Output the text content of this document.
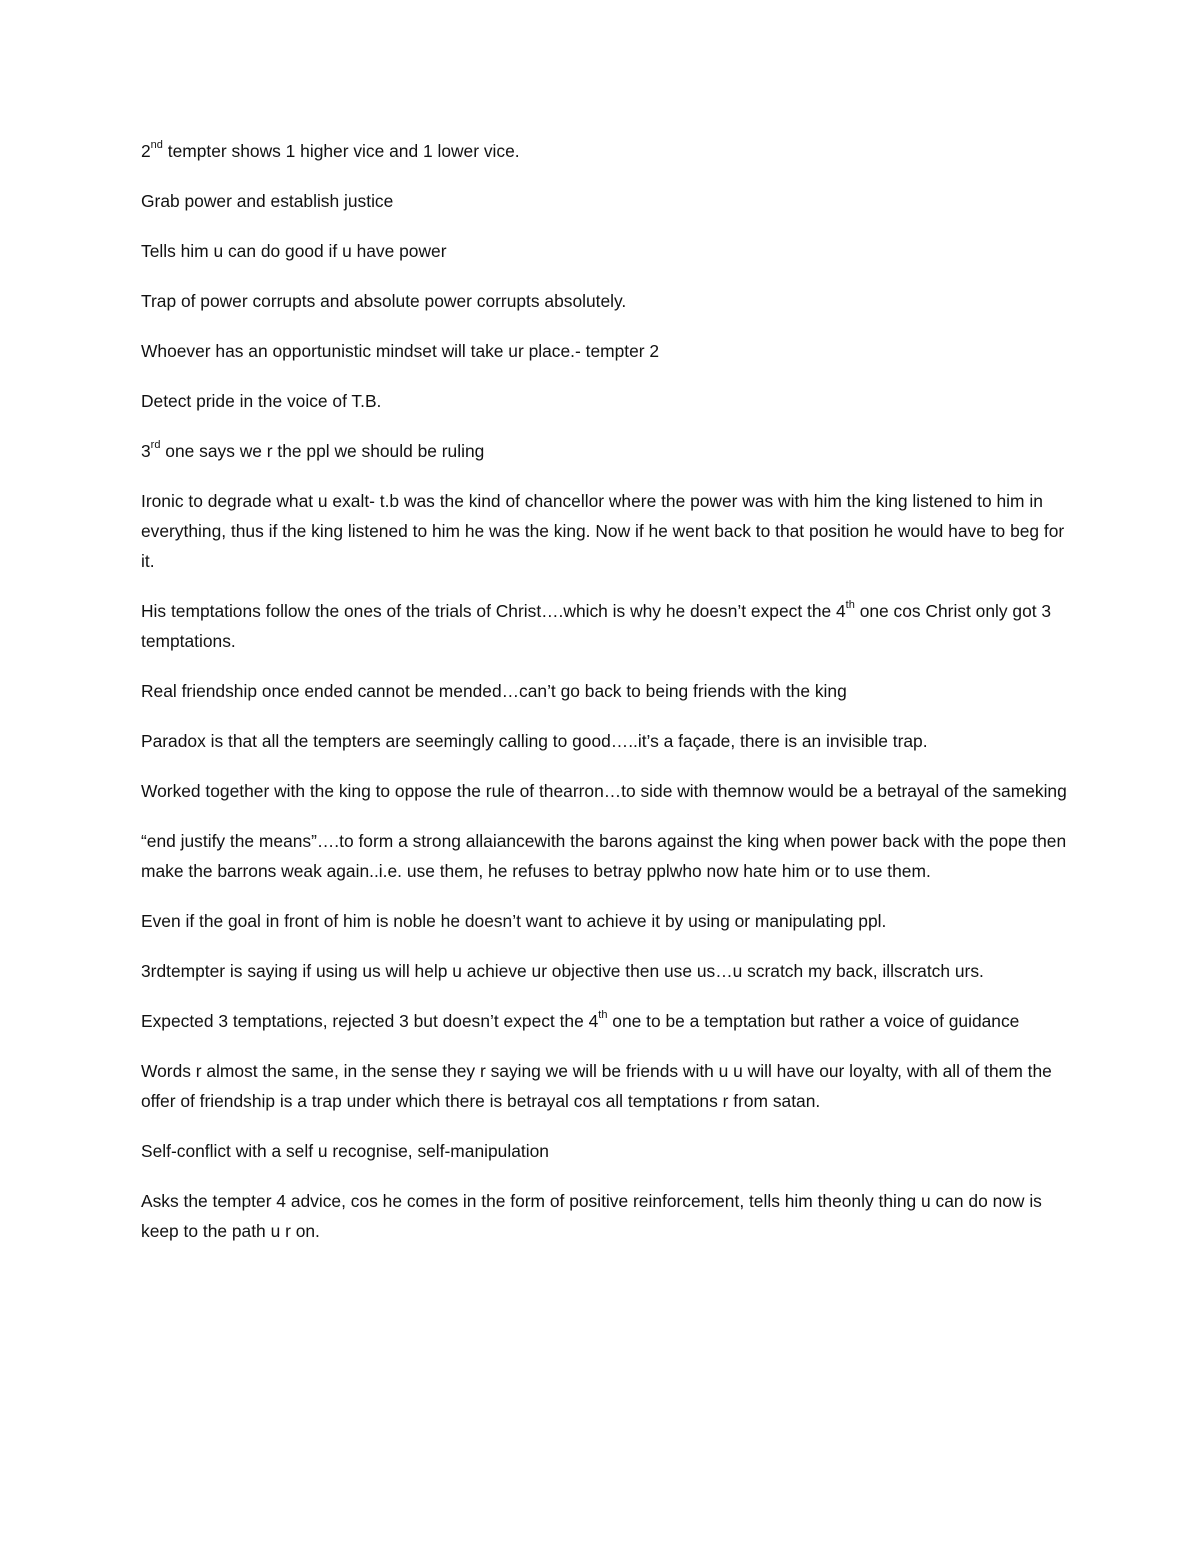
2nd tempter shows 1 higher vice and 1 lower vice.

Grab power and establish justice

Tells him u can do good if u have power

Trap of power corrupts and absolute power corrupts absolutely.

Whoever has an opportunistic mindset will take ur place.- tempter 2

Detect pride in the voice of T.B.

3rd one says we r the ppl we should be ruling

Ironic to degrade what u exalt- t.b was the kind of chancellor where the power was with him the king listened to him in everything, thus if the king listened to him he was the king. Now if he went back to that position he would have to beg for it.

His temptations follow the ones of the trials of Christ….which is why he doesn’t expect the 4th one cos Christ only got 3 temptations.

Real friendship once ended cannot be mended…can’t go back to being friends with the king

Paradox is that all the tempters are seemingly calling to good…..it’s a façade, there is an invisible trap.

Worked together with the king to oppose the rule of thearron…to side with themnow would be a betrayal of the sameking

“end justify the means”….to form a strong allaiancewith the barons against the king when power back with the pope then make the barrons weak again..i.e. use them, he refuses to betray pplwho now hate him or to use them.

Even if the goal in front of him is noble he doesn’t want to achieve it by using or manipulating ppl.

3rdtempter is saying if using us will help u achieve ur objective then use us…u scratch my back, illscratch urs.

Expected 3 temptations, rejected 3 but doesn’t expect the 4th one to be a temptation but rather a voice of guidance

Words r almost the same, in the sense they r saying we will be friends with u u will have our loyalty, with all of them the offer of friendship is a trap under which there is betrayal cos all temptations r from satan.

Self-conflict with a self u recognise, self-manipulation

Asks the tempter 4 advice, cos he comes in the form of positive reinforcement, tells him theonly thing u can do now is keep to the path u r on.
